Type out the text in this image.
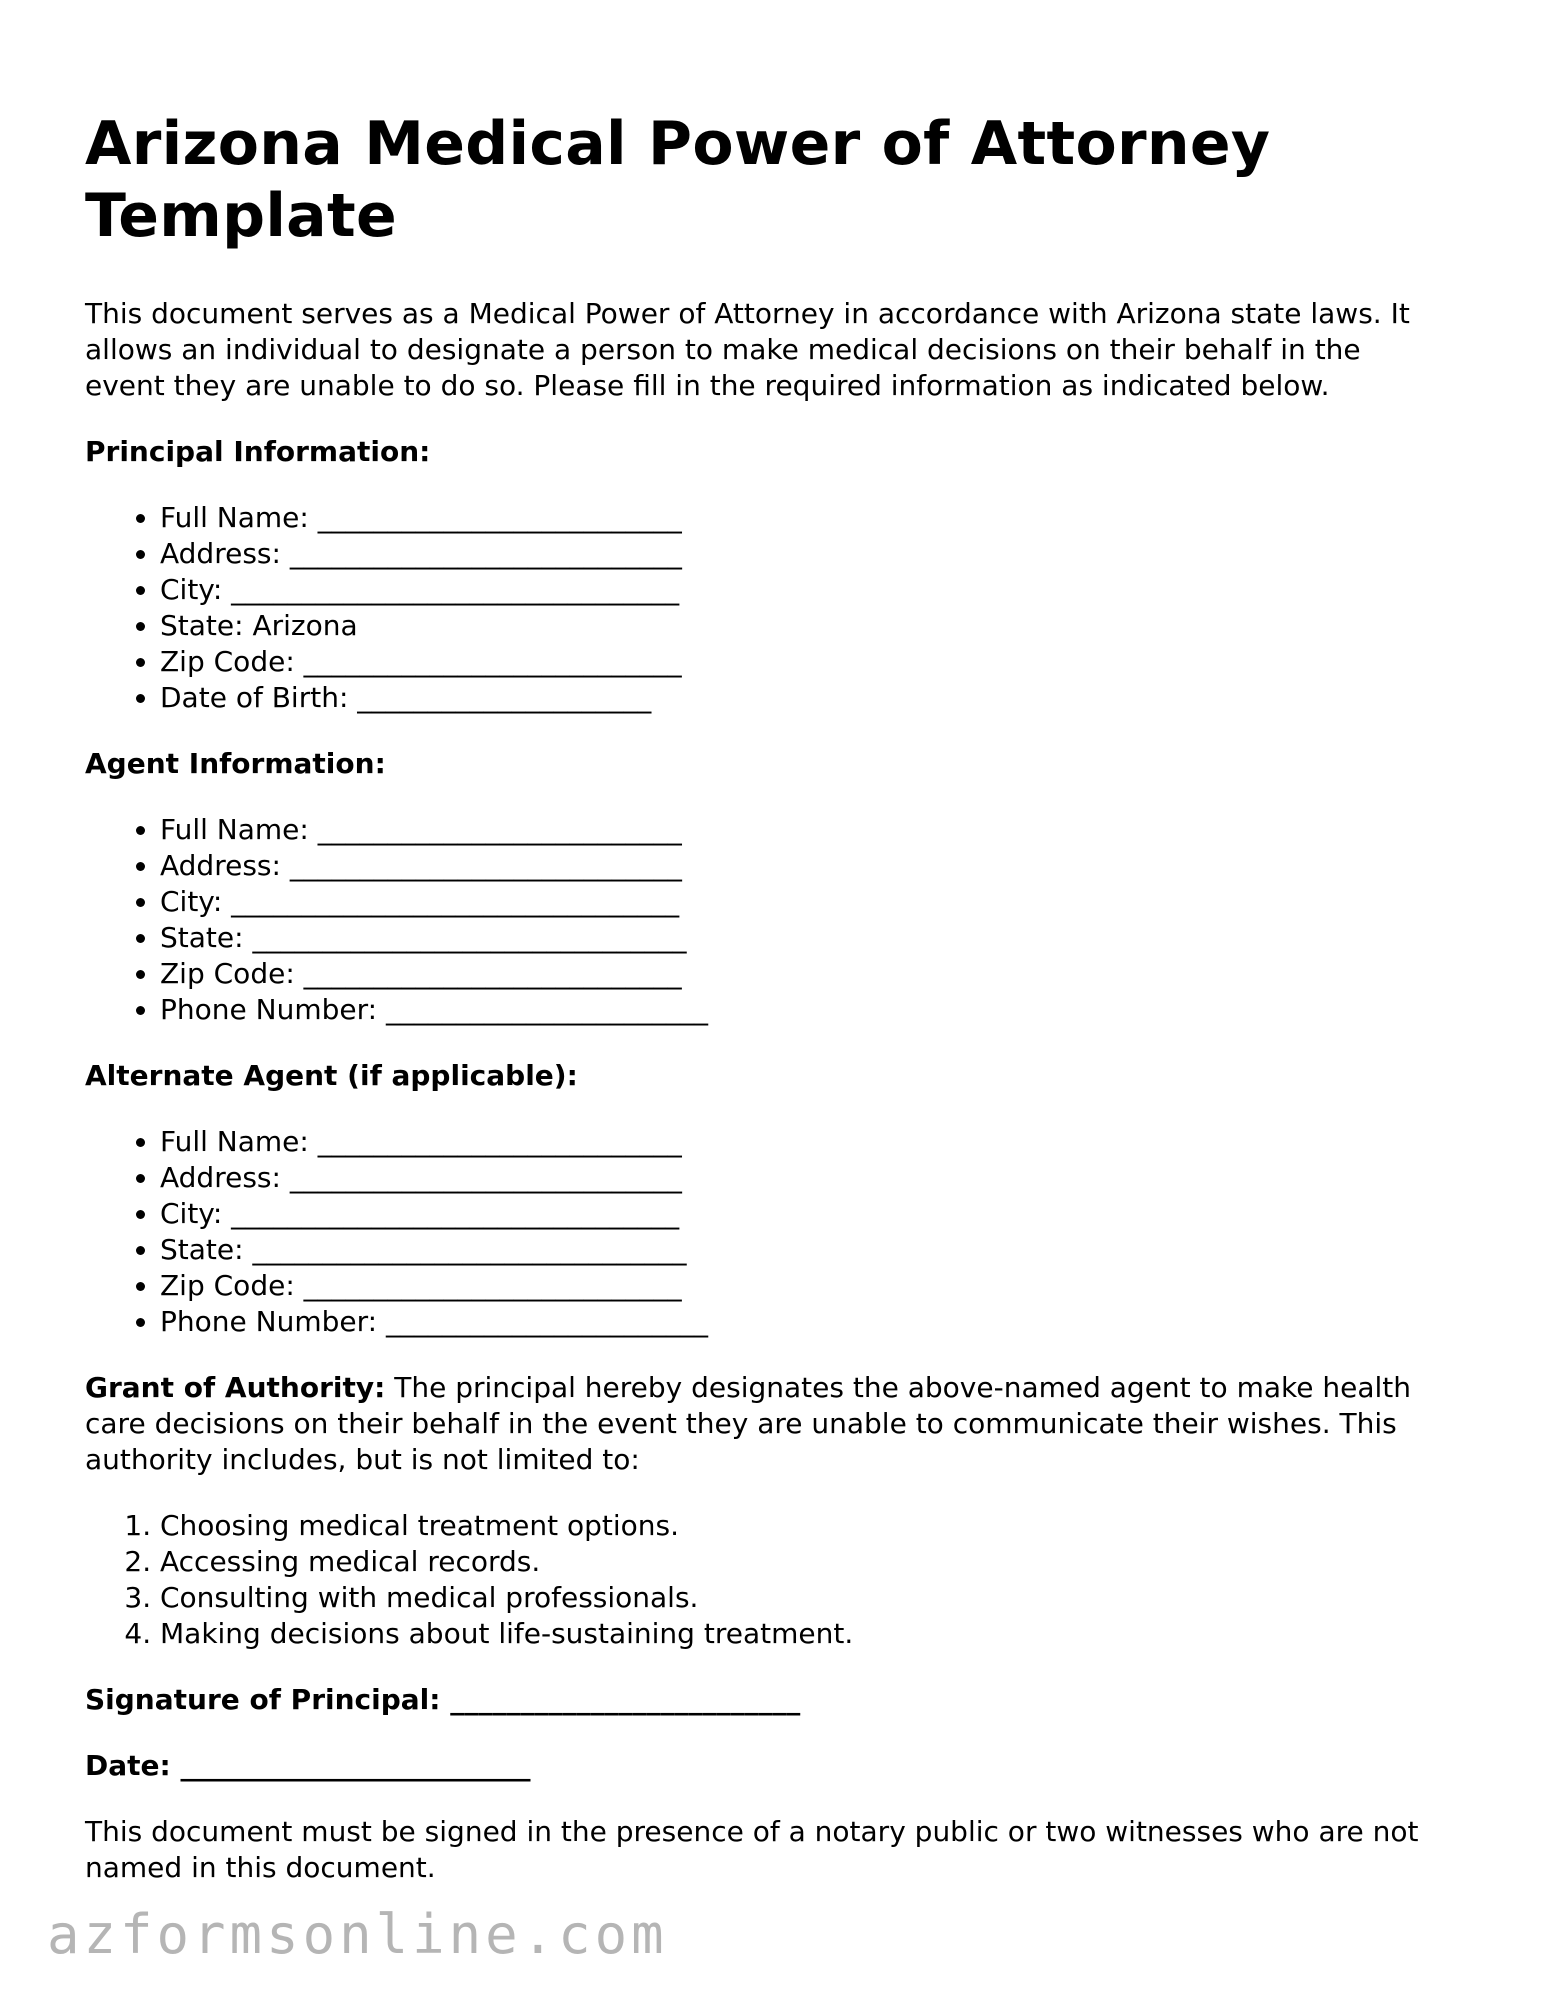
Arizona Medical Power of Attorney Template

This document serves as a Medical Power of Attorney in accordance with Arizona state laws. It allows an individual to designate a person to make medical decisions on their behalf in the event they are unable to do so. Please fill in the required information as indicated below.

Principal Information:

• Full Name: __________________________
• Address: ____________________________
• City: ________________________________
• State: Arizona
• Zip Code: ___________________________
• Date of Birth: _____________________

Agent Information:

• Full Name: __________________________
• Address: ____________________________
• City: ________________________________
• State: _______________________________
• Zip Code: ___________________________
• Phone Number: _______________________

Alternate Agent (if applicable):

• Full Name: __________________________
• Address: ____________________________
• City: ________________________________
• State: _______________________________
• Zip Code: ___________________________
• Phone Number: _______________________

Grant of Authority: The principal hereby designates the above-named agent to make health care decisions on their behalf in the event they are unable to communicate their wishes. This authority includes, but is not limited to:

1. Choosing medical treatment options.
2. Accessing medical records.
3. Consulting with medical professionals.
4. Making decisions about life-sustaining treatment.

Signature of Principal: _________________________

Date: _________________________

This document must be signed in the presence of a notary public or two witnesses who are not named in this document.

azformsonline.com
